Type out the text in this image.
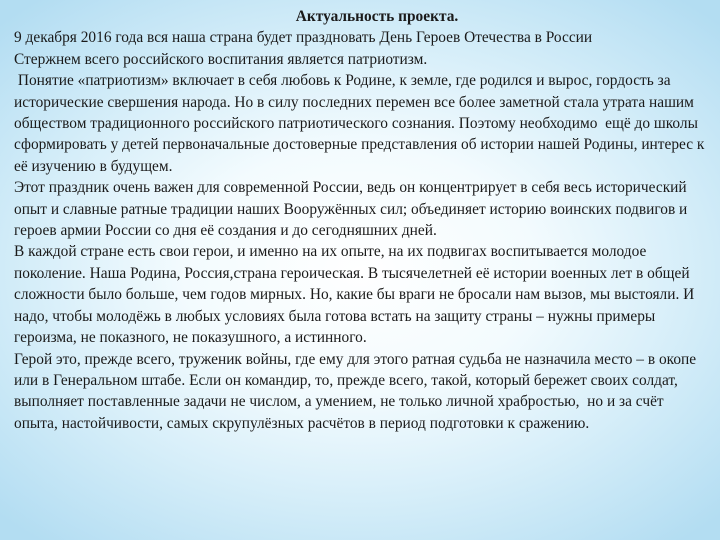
Актуальность проекта.

9 декабря 2016 года вся наша страна будет праздновать День Героев Отечества в России

Стержнем всего российского воспитания является патриотизм.

Понятие «патриотизм» включает в себя любовь к Родине, к земле, где родился и вырос, гордость за исторические свершения народа. Но в силу последних перемен все более заметной стала утрата нашим обществом традиционного российского патриотического сознания. Поэтому необходимо  ещё до школы сформировать у детей первоначальные достоверные представления об истории нашей Родины, интерес к её изучению в будущем.

Этот праздник очень важен для современной России, ведь он концентрирует в себя весь исторический опыт и славные ратные традиции наших Вооружённых сил; объединяет историю воинских подвигов и героев армии России со дня её создания и до сегодняшних дней.

В каждой стране есть свои герои, и именно на их опыте, на их подвигах воспитывается молодое поколение. Наша Родина, Россия,страна героическая. В тысячелетней её истории военных лет в общей сложности было больше, чем годов мирных. Но, какие бы враги не бросали нам вызов, мы выстояли. И надо, чтобы молодёжь в любых условиях была готова встать на защиту страны – нужны примеры героизма, не показного, не показушного, а истинного.

Герой это, прежде всего, труженик войны, где ему для этого ратная судьба не назначила место – в окопе или в Генеральном штабе. Если он командир, то, прежде всего, такой, который бережет своих солдат, выполняет поставленные задачи не числом, а умением, не только личной храбростью,  но и за счёт опыта, настойчивости, самых скрупулёзных расчётов в период подготовки к сражению.
